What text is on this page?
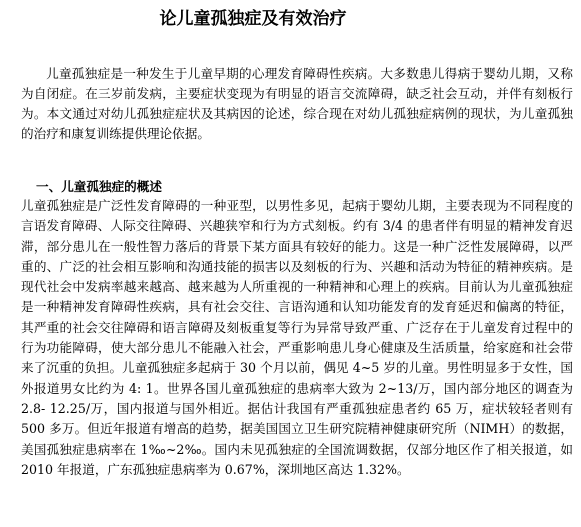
论儿童孤独症及有效治疗

儿童孤独症是一种发生于儿童早期的心理发育障碍性疾病。大多数患儿得病于婴幼儿期，又称为自闭症。在三岁前发病，主要症状变现为有明显的语言交流障碍，缺乏社会互动，并伴有刻板行为。本文通过对幼儿孤独症症状及其病因的论述，综合现在对幼儿孤独症病例的现状，为儿童孤独的治疗和康复训练提供理论依据。

一、儿童孤独症的概述

儿童孤独症是广泛性发育障碍的一种亚型，以男性多见，起病于婴幼儿期，主要表现为不同程度的言语发育障碍、人际交往障碍、兴趣狭窄和行为方式刻板。约有 3/4 的患者伴有明显的精神发育迟滞，部分患儿在一般性智力落后的背景下某方面具有较好的能力。这是一种广泛性发展障碍，以严重的、广泛的社会相互影响和沟通技能的损害以及刻板的行为、兴趣和活动为特征的精神疾病。是现代社会中发病率越来越高、越来越为人所重视的一种精神和心理上的疾病。目前认为儿童孤独症是一种精神发育障碍性疾病，具有社会交往、言语沟通和认知功能发育的发育延迟和偏离的特征，其严重的社会交往障碍和语言障碍及刻板重复等行为异常导致严重、广泛存在于儿童发育过程中的行为功能障碍，使大部分患儿不能融入社会，严重影响患儿身心健康及生活质量，给家庭和社会带来了沉重的负担。儿童孤独症多起病于 30 个月以前，偶见 4~5 岁的儿童。男性明显多于女性，国外报道男女比约为 4: 1。世界各国儿童孤独症的患病率大致为 2~13/万，国内部分地区的调查为 2.8- 12.25/万，国内报道与国外相近。据估计我国有严重孤独症患者约 65 万，症状较轻者则有 500 多万。但近年报道有增高的趋势，据美国国立卫生研究院精神健康研究所（NIMH）的数据，美国孤独症患病率在 1‰~2‰。国内未见孤独症的全国流调数据，仅部分地区作了相关报道，如 2010 年报道，广东孤独症患病率为 0.67%，深圳地区高达 1.32%。
